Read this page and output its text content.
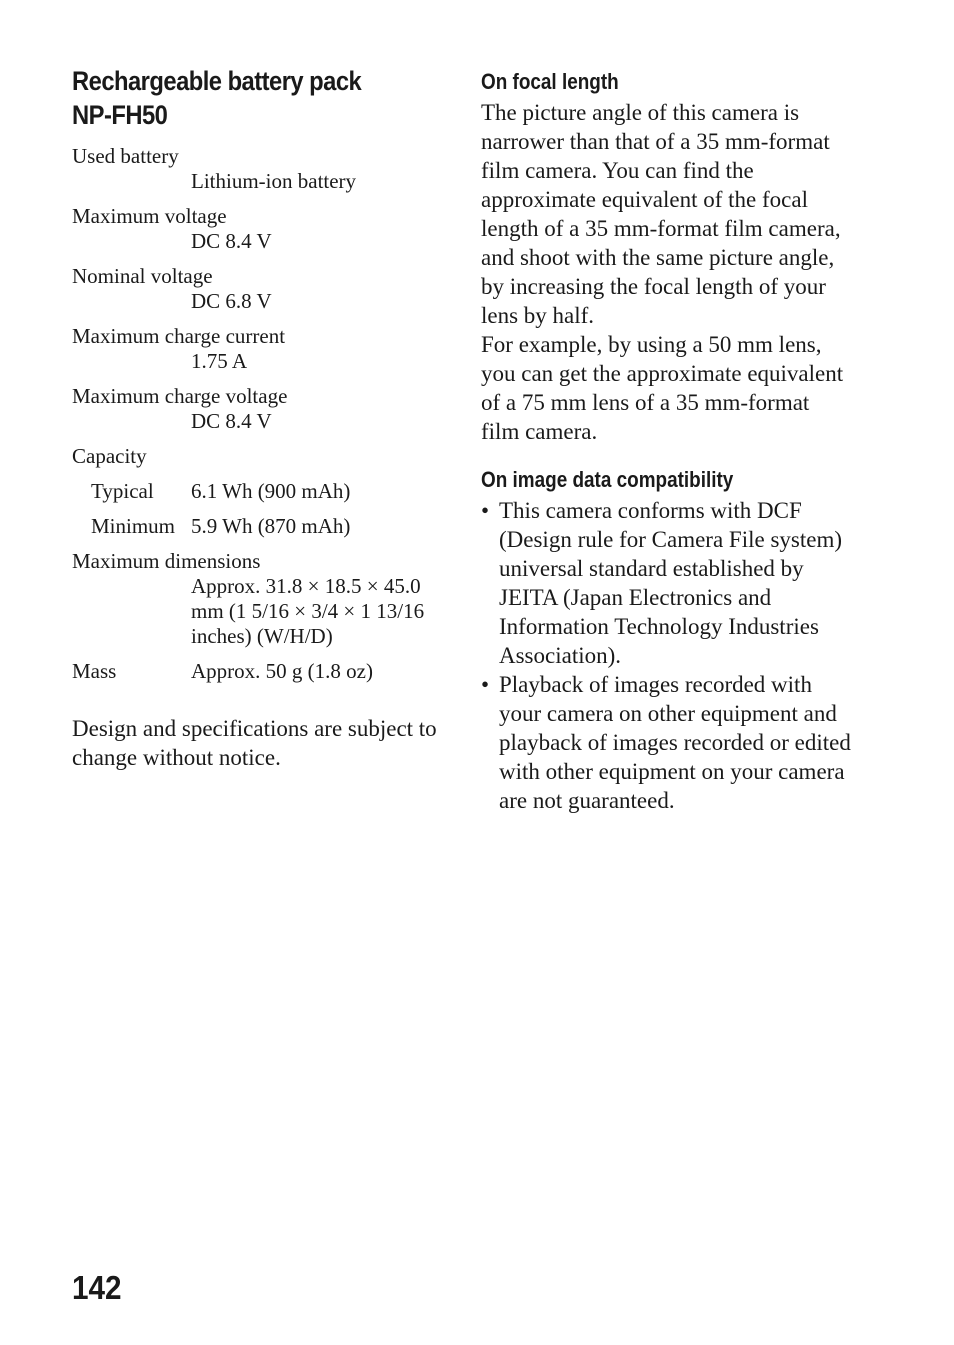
Rechargeable battery pack
NP-FH50
Used battery
Lithium-ion battery
Maximum voltage
DC 8.4 V
Nominal voltage
DC 6.8 V
Maximum charge current
1.75 A
Maximum charge voltage
DC 8.4 V
Capacity
Typical	6.1 Wh (900 mAh)
Minimum 5.9 Wh (870 mAh)
Maximum dimensions
Approx. 31.8 × 18.5 × 45.0
mm (1 5/16 × 3/4 × 1 13/16
inches) (W/H/D)
Mass	Approx. 50 g (1.8 oz)

Design and specifications are subject to change without notice.

On focal length

The picture angle of this camera is narrower than that of a 35 mm-format film camera. You can find the approximate equivalent of the focal length of a 35 mm-format film camera, and shoot with the same picture angle, by increasing the focal length of your lens by half.

For example, by using a 50 mm lens, you can get the approximate equivalent of a 75 mm lens of a 35 mm-format film camera.

On image data compatibility
• This camera conforms with DCF (Design rule for Camera File system) universal standard established by JEITA (Japan Electronics and Information Technology Industries Association).
• Playback of images recorded with your camera on other equipment and playback of images recorded or edited with other equipment on your camera are not guaranteed.
142
